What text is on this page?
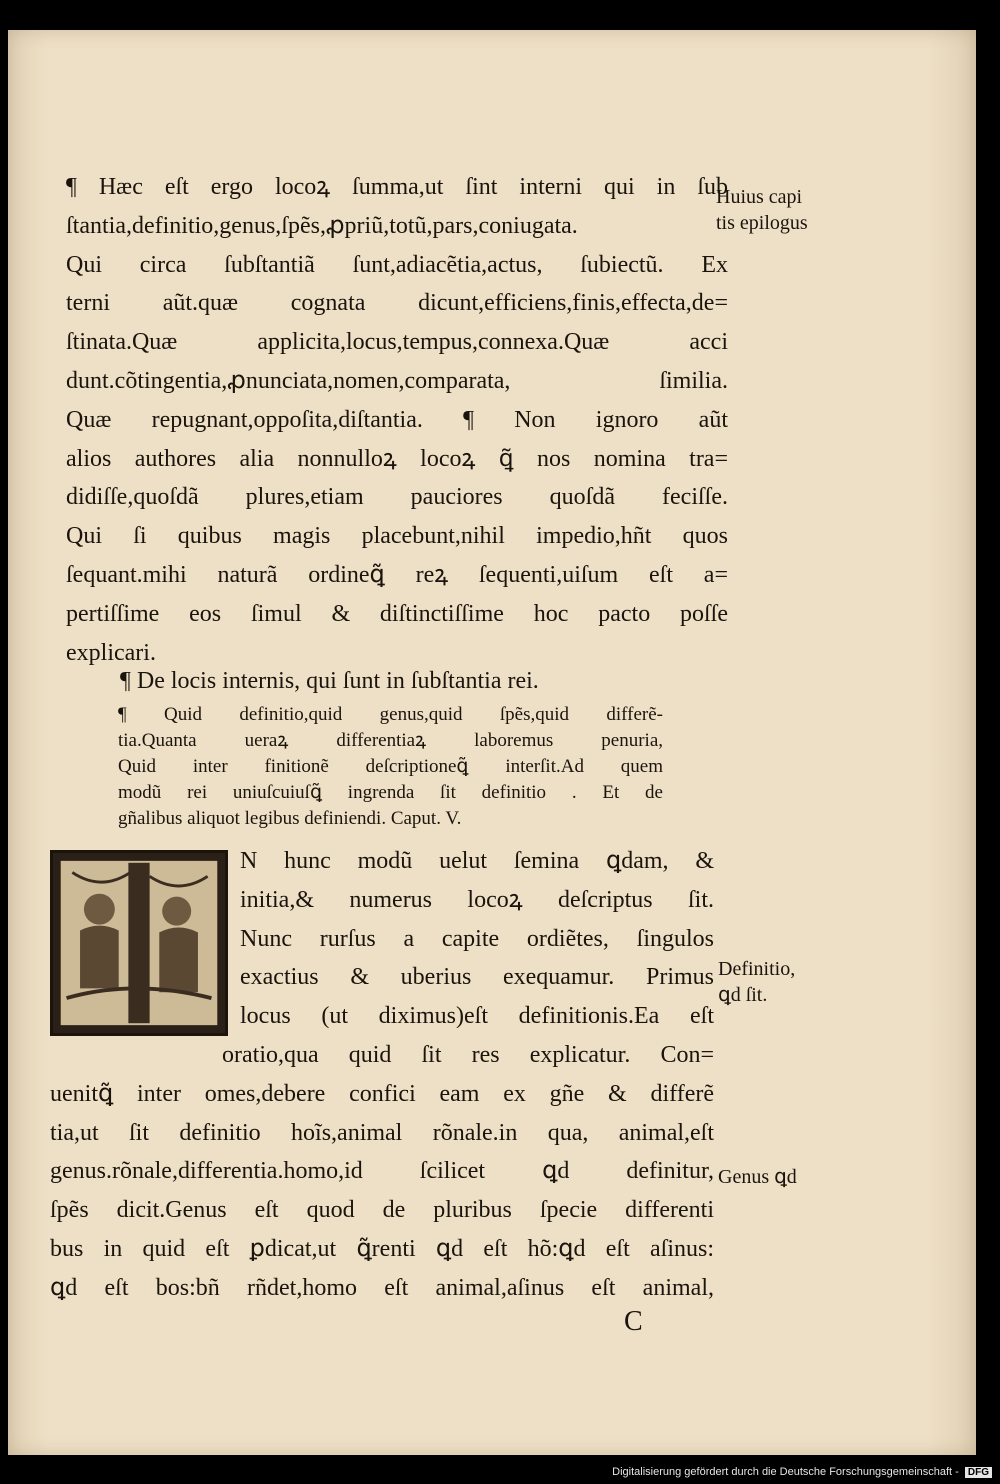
¶ Hæc eſt ergo locoꝝ ſumma,ut ſint interni qui in ſub
ſtantia,definitio,genus,ſpẽs,ꝓpriũ,totũ,pars,coniugata.
Qui circa ſubſtantiã ſunt,adiacẽtia,actus, ſubiectũ. Ex
terni aũt.quæ cognata dicunt,efficiens,finis,effecta,de=
ſtinata.Quæ applicita,locus,tempus,connexa.Quæ acci
dunt.cõtingentia,ꝓnunciata,nomen,comparata, ſimilia.
Quæ repugnant,oppoſita,diſtantia. ¶ Non ignoro aũt
alios authores alia nonnulloꝝ locoꝝ ꝗ̃ nos nomina tra=
didiſſe,quoſdã plures,etiam pauciores quoſdã feciſſe.
Qui ſi quibus magis placebunt,nihil impedio,hñt quos
ſequant.mihi naturã ordineꝗ̃ reꝝ ſequenti,uiſum eſt a=
pertiſſime eos ſimul & diſtinctiſſime hoc pacto poſſe
explicari.
¶ De locis internis, qui ſunt in ſubſtantia rei.
¶ Quid definitio,quid genus,quid ſpẽs,quid differẽ-
tia.Quanta ueraꝝ differentiaꝝ laboremus penuria,
Quid inter finitionẽ deſcriptioneꝗ̃ interſit.Ad quem
modũ rei uniuſcuiuſꝗ̃ ingrenda ſit definitio . Et de
gñalibus aliquot legibus definiendi. Caput. V.
N hunc modũ uelut ſemina ꝗdam, &
initia,& numerus locoꝝ deſcriptus ſit.
Nunc rurſus a capite ordiẽtes, ſingulos
exactius & uberius exequamur. Primus
locus (ut diximus)eſt definitionis.Ea eſt
oratio,qua quid ſit res explicatur. Con=
uenitꝗ̃ inter omes,debere confici eam ex gñe & differẽ
tia,ut ſit definitio hoĩs,animal rõnale.in qua, animal,eſt
genus.rõnale,differentia.homo,id ſcilicet ꝗd definitur,
ſpẽs dicit.Genus eſt quod de pluribus ſpecie differenti
bus in quid eſt ꝑdicat,ut ꝗ̃renti ꝗd eſt hõ:ꝗd eſt aſinus:
ꝗd eſt bos:bñ rñdet,homo eſt animal,aſinus eſt animal,
Huius capi
tis epilogus
Definitio,
ꝗd ſit.
Genus ꝗd
C
Digitalisierung gefördert durch die Deutsche Forschungsgemeinschaft - DFG
